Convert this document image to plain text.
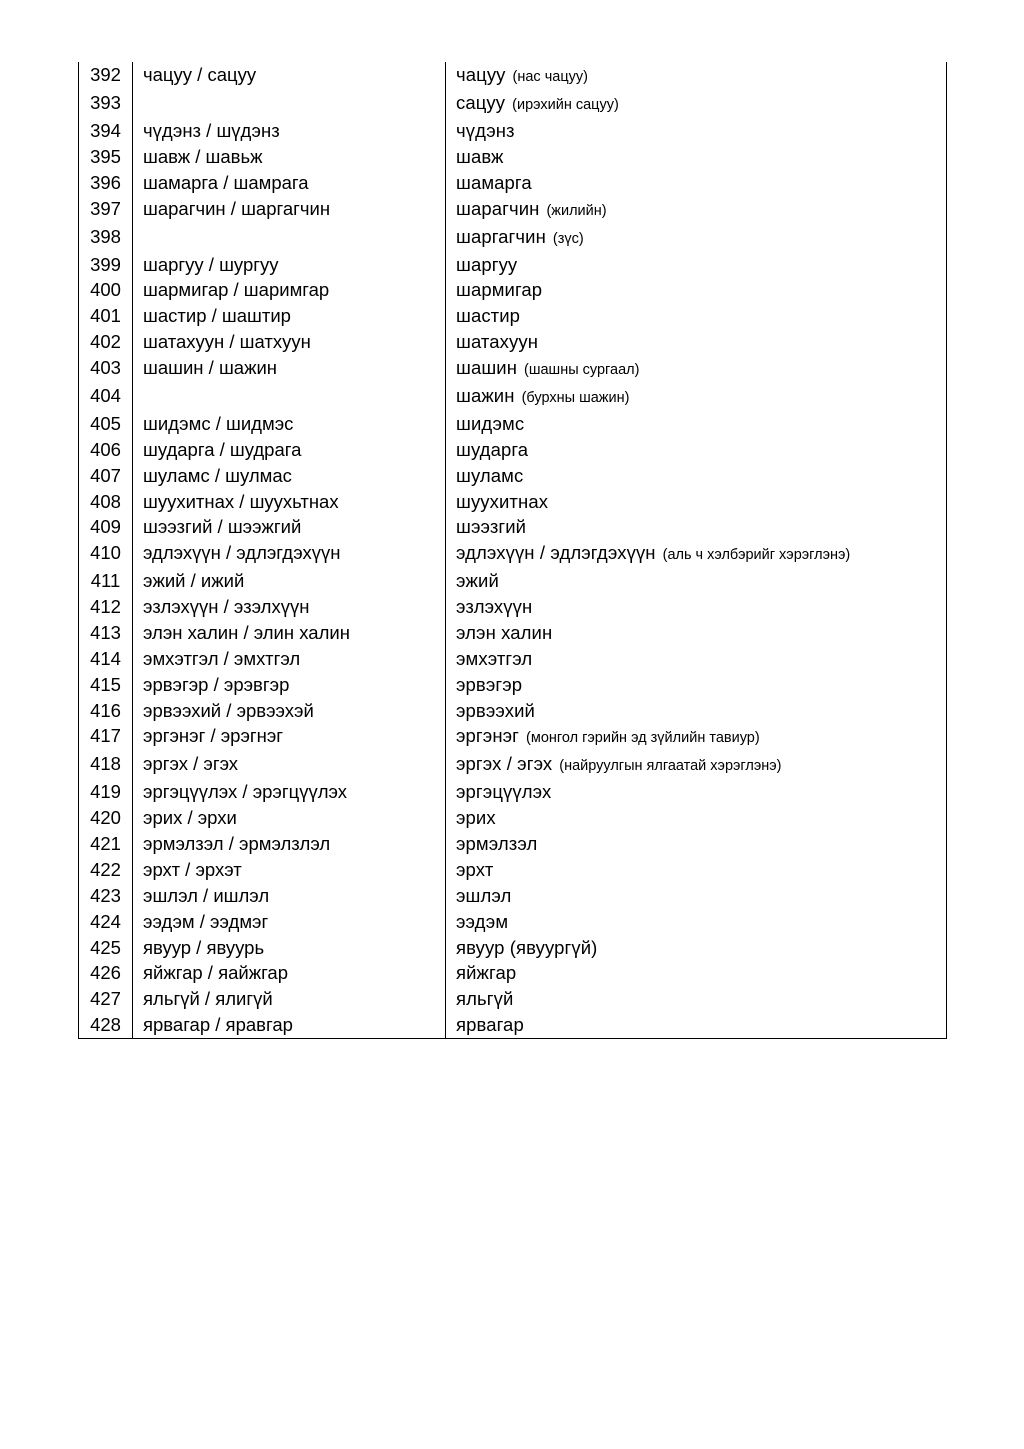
392	чацуу / сацуу	чацуу (нас чацуу)
393		сацуу (ирэхийн сацуу)
394	чүдэнз / шүдэнз	чүдэнз
395	шавж / шавьж	шавж
396	шамарга / шамрага	шамарга
397	шарагчин / шаргагчин	шарагчин (жилийн)
398		шаргагчин (зүс)
399	шаргуу / шургуу	шаргуу
400	шармигар / шаримгар	шармигар
401	шастир / шаштир	шастир
402	шатахуун / шатхуун	шатахуун
403	шашин / шажин	шашин (шашны сургаал)
404		шажин (бурхны шажин)
405	шидэмс / шидмэс	шидэмс
406	шударга / шудрага	шударга
407	шуламс / шулмас	шуламс
408	шуухитнах / шуухьтнах	шуухитнах
409	шээзгий / шээжгий	шээзгий
410	эдлэхүүн / эдлэгдэхүүн	эдлэхүүн / эдлэгдэхүүн (аль ч хэлбэрийг хэрэглэнэ)
411	эжий / ижий	эжий
412	эзлэхүүн / эзэлхүүн	эзлэхүүн
413	элэн халин / элин халин	элэн халин
414	эмхэтгэл / эмхтгэл	эмхэтгэл
415	эрвэгэр / эрэвгэр	эрвэгэр
416	эрвээхий / эрвээхэй	эрвээхий
417	эргэнэг / эрэгнэг	эргэнэг (монгол гэрийн эд зүйлийн тавиур)
418	эргэх / эгэх	эргэх / эгэх (найруулгын ялгаатай хэрэглэнэ)
419	эргэцүүлэх / эрэгцүүлэх	эргэцүүлэх
420	эрих / эрхи	эрих
421	эрмэлзэл / эрмэлзлэл	эрмэлзэл
422	эрхт / эрхэт	эрхт
423	эшлэл / ишлэл	эшлэл
424	ээдэм / ээдмэг	ээдэм
425	явуур / явуурь	явуур (явуургүй)
426	яйжгар / яайжгар	яйжгар
427	яльгүй / ялигүй	яльгүй
428	ярвагар / яравгар	ярвагар
